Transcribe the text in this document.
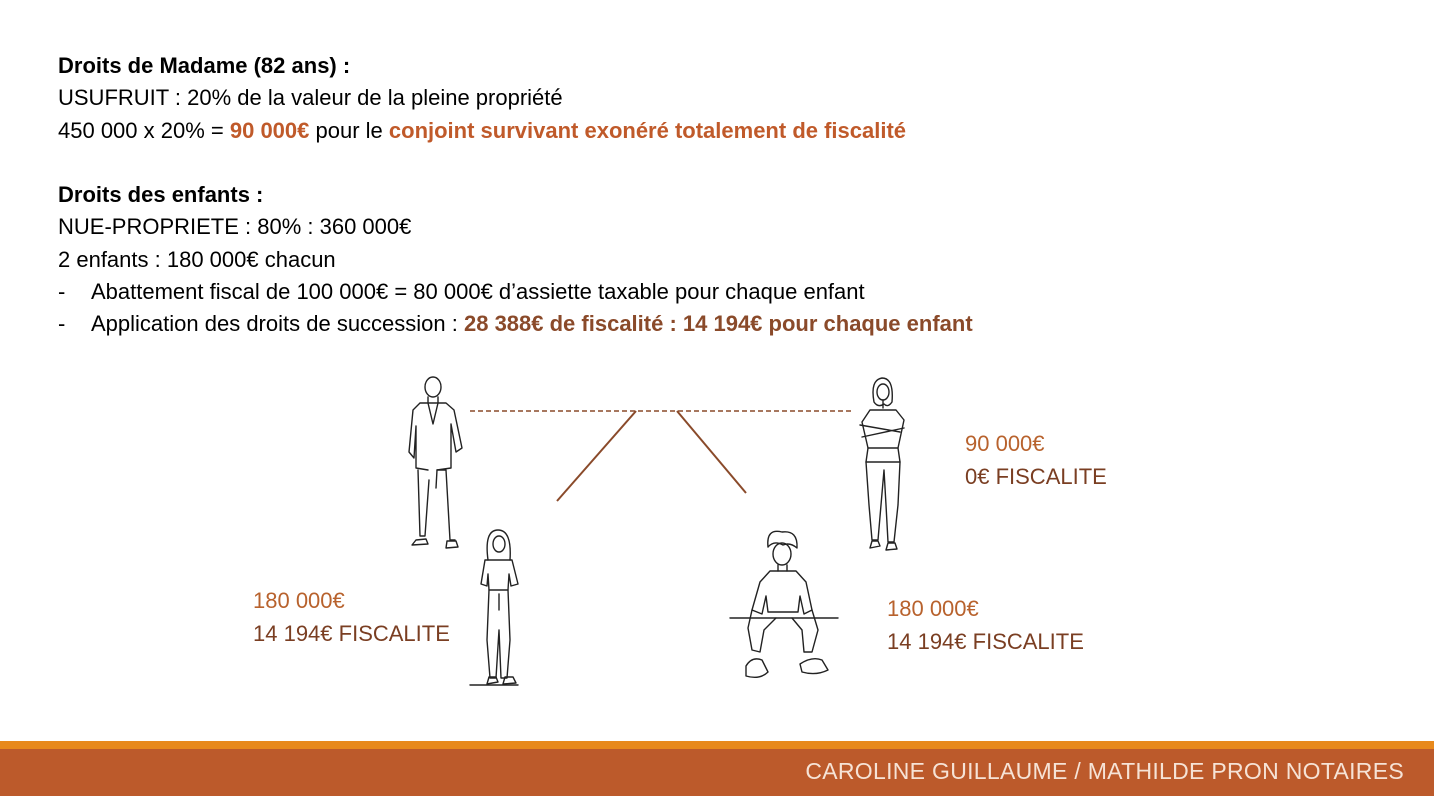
Droits de Madame (82 ans) :
USUFRUIT : 20% de la valeur de la pleine propriété
450 000 x 20% = 90 000€ pour le conjoint survivant exonéré totalement de fiscalité
Droits des enfants :
NUE-PROPRIETE : 80% : 360 000€
2 enfants : 180 000€ chacun
- Abattement fiscal de 100 000€ = 80 000€ d’assiette taxable pour chaque enfant
- Application des droits de succession : 28 388€ de fiscalité : 14 194€ pour chaque enfant
90 000€
0€ FISCALITE
180 000€
14 194€ FISCALITE
180 000€
14 194€ FISCALITE
CAROLINE GUILLAUME / MATHILDE PRON NOTAIRES
